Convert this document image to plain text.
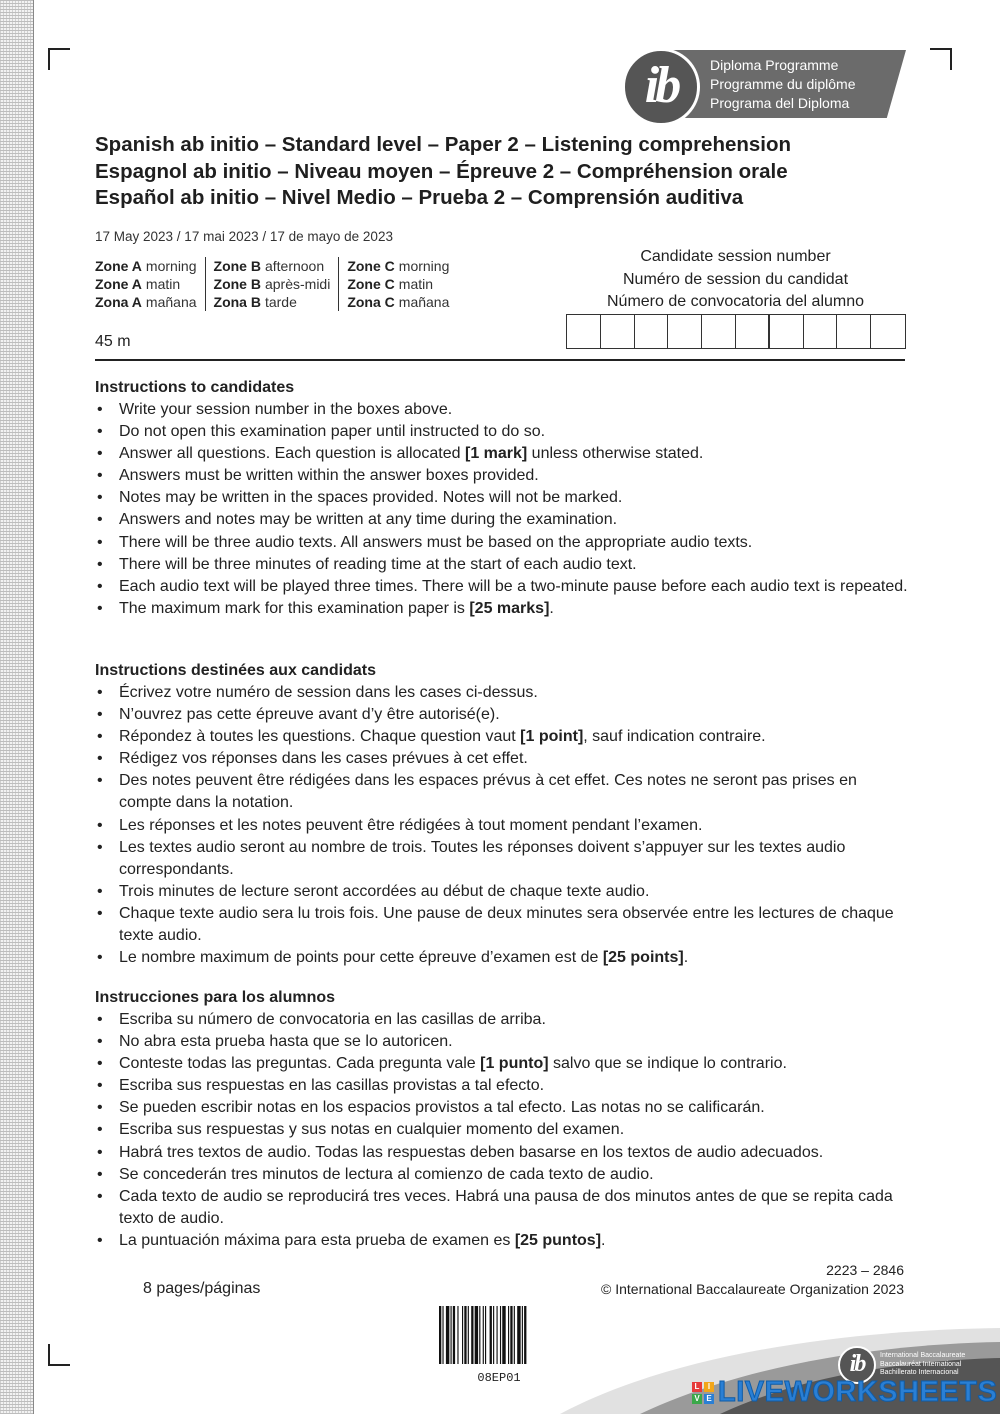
ib	Diploma Programme
Programme du diplôme
Programa del Diploma
Spanish ab initio – Standard level – Paper 2 – Listening comprehension
Espagnol ab initio – Niveau moyen – Épreuve 2 – Compréhension orale
Español ab initio – Nivel Medio – Prueba 2 – Comprensión auditiva
17 May 2023 / 17 mai 2023 / 17 de mayo de 2023
Zone A morning
Zone A matin
Zona A mañana
Zone B afternoon
Zone B après-midi
Zona B tarde
Zone C morning
Zone C matin
Zona C mañana
45 m
Candidate session number
Numéro de session du candidat
Número de convocatoria del alumno
Instructions to candidates
• Write your session number in the boxes above.
• Do not open this examination paper until instructed to do so.
• Answer all questions. Each question is allocated [1 mark] unless otherwise stated.
• Answers must be written within the answer boxes provided.
• Notes may be written in the spaces provided. Notes will not be marked.
• Answers and notes may be written at any time during the examination.
• There will be three audio texts. All answers must be based on the appropriate audio texts.
• There will be three minutes of reading time at the start of each audio text.
• Each audio text will be played three times. There will be a two-minute pause before each audio text is repeated.
• The maximum mark for this examination paper is [25 marks].
Instructions destinées aux candidats
• Écrivez votre numéro de session dans les cases ci-dessus.
• N’ouvrez pas cette épreuve avant d’y être autorisé(e).
• Répondez à toutes les questions. Chaque question vaut [1 point], sauf indication contraire.
• Rédigez vos réponses dans les cases prévues à cet effet.
• Des notes peuvent être rédigées dans les espaces prévus à cet effet. Ces notes ne seront pas prises en compte dans la notation.
• Les réponses et les notes peuvent être rédigées à tout moment pendant l’examen.
• Les textes audio seront au nombre de trois. Toutes les réponses doivent s’appuyer sur les textes audio correspondants.
• Trois minutes de lecture seront accordées au début de chaque texte audio.
• Chaque texte audio sera lu trois fois. Une pause de deux minutes sera observée entre les lectures de chaque texte audio.
• Le nombre maximum de points pour cette épreuve d’examen est de [25 points].
Instrucciones para los alumnos
• Escriba su número de convocatoria en las casillas de arriba.
• No abra esta prueba hasta que se lo autoricen.
• Conteste todas las preguntas. Cada pregunta vale [1 punto] salvo que se indique lo contrario.
• Escriba sus respuestas en las casillas provistas a tal efecto.
• Se pueden escribir notas en los espacios provistos a tal efecto. Las notas no se calificarán.
• Escriba sus respuestas y sus notas en cualquier momento del examen.
• Habrá tres textos de audio. Todas las respuestas deben basarse en los textos de audio adecuados.
• Se concederán tres minutos de lectura al comienzo de cada texto de audio.
• Cada texto de audio se reproducirá tres veces. Habrá una pausa de dos minutos antes de que se repita cada texto de audio.
• La puntuación máxima para esta prueba de examen es [25 puntos].
2223 – 2846
8 pages/páginas	© International Baccalaureate Organization 2023
08EP01
ib	International Baccalaureate
Baccalauréat International
Bachillerato Internacional
L	I
V E LIVEWORKSHEETS
